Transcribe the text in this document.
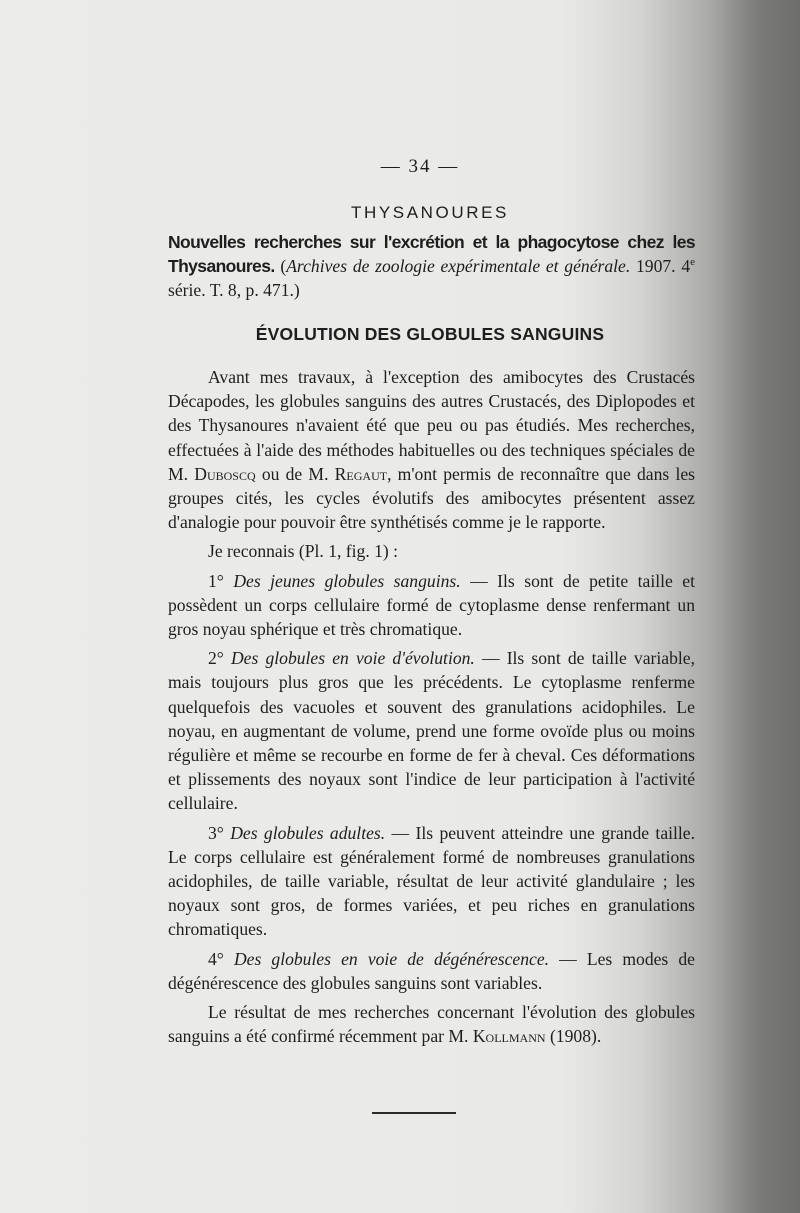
— 34 —
THYSANOURES
Nouvelles recherches sur l'excrétion et la phagocytose chez les Thysanoures. (Archives de zoologie expérimentale et générale. 1907. 4e série. T. 8, p. 471.)
ÉVOLUTION DES GLOBULES SANGUINS

Avant mes travaux, à l'exception des amibocytes des Crustacés Décapodes, les globules sanguins des autres Crustacés, des Diplopodes et des Thysanoures n'avaient été que peu ou pas étudiés. Mes recherches, effectuées à l'aide des méthodes habituelles ou des techniques spéciales de M. Duboscq ou de M. Regaut, m'ont permis de reconnaître que dans les groupes cités, les cycles évolutifs des amibocytes présentent assez d'analogie pour pouvoir être synthétisés comme je le rapporte.

Je reconnais (Pl. 1, fig. 1) :

1° Des jeunes globules sanguins. — Ils sont de petite taille et possèdent un corps cellulaire formé de cytoplasme dense renfermant un gros noyau sphérique et très chromatique.

2° Des globules en voie d'évolution. — Ils sont de taille variable, mais toujours plus gros que les précédents. Le cytoplasme renferme quelquefois des vacuoles et souvent des granulations acidophiles. Le noyau, en augmentant de volume, prend une forme ovoïde plus ou moins régulière et même se recourbe en forme de fer à cheval. Ces déformations et plissements des noyaux sont l'indice de leur participation à l'activité cellulaire.

3° Des globules adultes. — Ils peuvent atteindre une grande taille. Le corps cellulaire est généralement formé de nombreuses granulations acidophiles, de taille variable, résultat de leur activité glandulaire ; les noyaux sont gros, de formes variées, et peu riches en granulations chromatiques.

4° Des globules en voie de dégénérescence. — Les modes de dégénérescence des globules sanguins sont variables.

Le résultat de mes recherches concernant l'évolution des globules sanguins a été confirmé récemment par M. Kollmann (1908).
